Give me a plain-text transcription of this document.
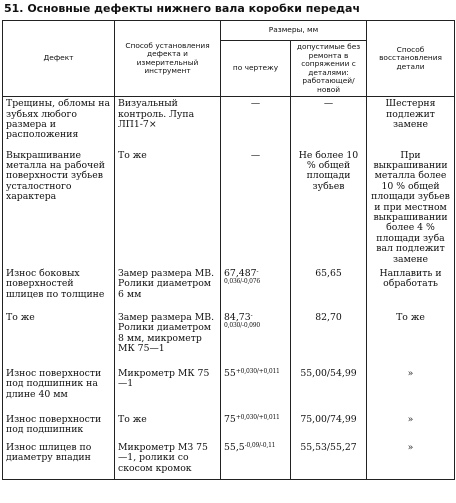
51. Основные дефекты нижнего вала коробки передач
Дефект	Способ установления дефекта и измерительный инструмент	Размеры, мм		Способ восстановления детали
		по чертежу	допустимые без ремонта в сопряжении с деталями: работающей/новой	
Трещины, обломы на зубьях любого размера и расположения	Визуальный контроль. Лупа ЛП1-7×	—	—	Шестерня подлежит замене
Выкрашивание металла на рабочей поверхности зубьев усталостного характера	То же	—	Не более 10 % общей площади зубьев	При выкрашивании металла более 10 % общей площади зубьев и при местном выкрашивании более 4 % площади зуба вал подлежит замене
Износ боковых поверхностей шлицев по толщине	Замер размера МВ. Ролики диаметром 6 мм	$67,487^{-0,036/-0,076}$	65,65	Наплавить и обработать
То же	Замер размера МВ. Ролики диаметром 8 мм, микрометр МК 75—1	$84,73^{-0,030/-0,090}$	82,70	То же
Износ поверхности под подшипник на длине 40 мм	Микрометр МК 75—1	$55^{+0,030/+0,011}$	55,00/54,99	»
Износ поверхности под подшипник	То же	$75^{+0,030/+0,011}$	75,00/74,99	»
Износ шлицев по диаметру впадин	Микрометр МЗ 75—1, ролики со скосом кромок	$55,5^{-0,09/-0,11}$	55,53/55,27	»
